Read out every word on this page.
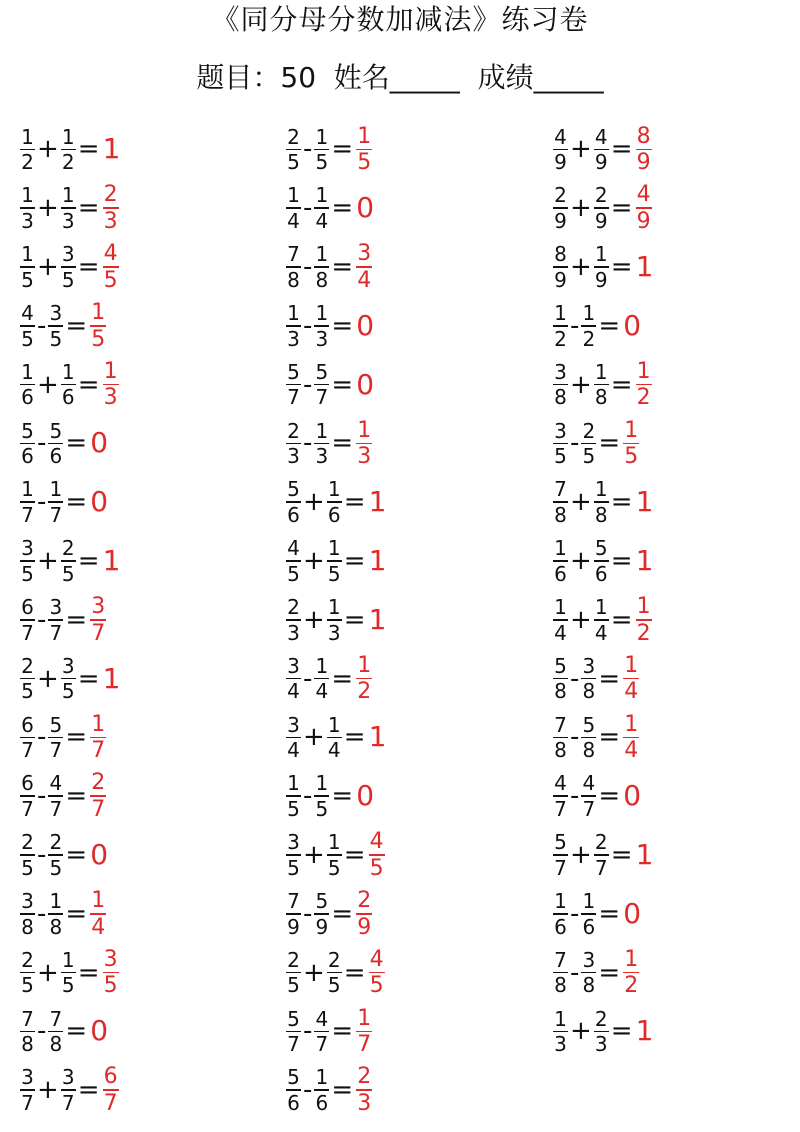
《同分母分数加减法》练习卷
题目：50  姓名_____  成绩_____
$\frac{1}{2} + \frac{1}{2} = 1$
$\frac{1}{3} + \frac{1}{3} = \frac{2}{3}$
$\frac{1}{5} + \frac{3}{5} = \frac{4}{5}$
$\frac{4}{5} - \frac{3}{5} = \frac{1}{5}$
$\frac{1}{6} + \frac{1}{6} = \frac{1}{3}$
$\frac{5}{6} - \frac{5}{6} = 0$
$\frac{1}{7} - \frac{1}{7} = 0$
$\frac{3}{5} + \frac{2}{5} = 1$
$\frac{6}{7} - \frac{3}{7} = \frac{3}{7}$
$\frac{2}{5} + \frac{3}{5} = 1$
$\frac{6}{7} - \frac{5}{7} = \frac{1}{7}$
$\frac{6}{7} - \frac{4}{7} = \frac{2}{7}$
$\frac{2}{5} - \frac{2}{5} = 0$
$\frac{3}{8} - \frac{1}{8} = \frac{1}{4}$
$\frac{2}{5} + \frac{1}{5} = \frac{3}{5}$
$\frac{7}{8} - \frac{7}{8} = 0$
$\frac{3}{7} + \frac{3}{7} = \frac{6}{7}$
$\frac{2}{5} - \frac{1}{5} = \frac{1}{5}$
$\frac{1}{4} - \frac{1}{4} = 0$
$\frac{7}{8} - \frac{1}{8} = \frac{3}{4}$
$\frac{1}{3} - \frac{1}{3} = 0$
$\frac{5}{7} - \frac{5}{7} = 0$
$\frac{2}{3} - \frac{1}{3} = \frac{1}{3}$
$\frac{5}{6} + \frac{1}{6} = 1$
$\frac{4}{5} + \frac{1}{5} = 1$
$\frac{2}{3} + \frac{1}{3} = 1$
$\frac{3}{4} - \frac{1}{4} = \frac{1}{2}$
$\frac{3}{4} + \frac{1}{4} = 1$
$\frac{1}{5} - \frac{1}{5} = 0$
$\frac{3}{5} + \frac{1}{5} = \frac{4}{5}$
$\frac{7}{9} - \frac{5}{9} = \frac{2}{9}$
$\frac{2}{5} + \frac{2}{5} = \frac{4}{5}$
$\frac{5}{7} - \frac{4}{7} = \frac{1}{7}$
$\frac{5}{6} - \frac{1}{6} = \frac{2}{3}$
$\frac{4}{9} + \frac{4}{9} = \frac{8}{9}$
$\frac{2}{9} + \frac{2}{9} = \frac{4}{9}$
$\frac{8}{9} + \frac{1}{9} = 1$
$\frac{1}{2} - \frac{1}{2} = 0$
$\frac{3}{8} + \frac{1}{8} = \frac{1}{2}$
$\frac{3}{5} - \frac{2}{5} = \frac{1}{5}$
$\frac{7}{8} + \frac{1}{8} = 1$
$\frac{1}{6} + \frac{5}{6} = 1$
$\frac{1}{4} + \frac{1}{4} = \frac{1}{2}$
$\frac{5}{8} - \frac{3}{8} = \frac{1}{4}$
$\frac{7}{8} - \frac{5}{8} = \frac{1}{4}$
$\frac{4}{7} - \frac{4}{7} = 0$
$\frac{5}{7} + \frac{2}{7} = 1$
$\frac{1}{6} - \frac{1}{6} = 0$
$\frac{7}{8} - \frac{3}{8} = \frac{1}{2}$
$\frac{1}{3} + \frac{2}{3} = 1$
